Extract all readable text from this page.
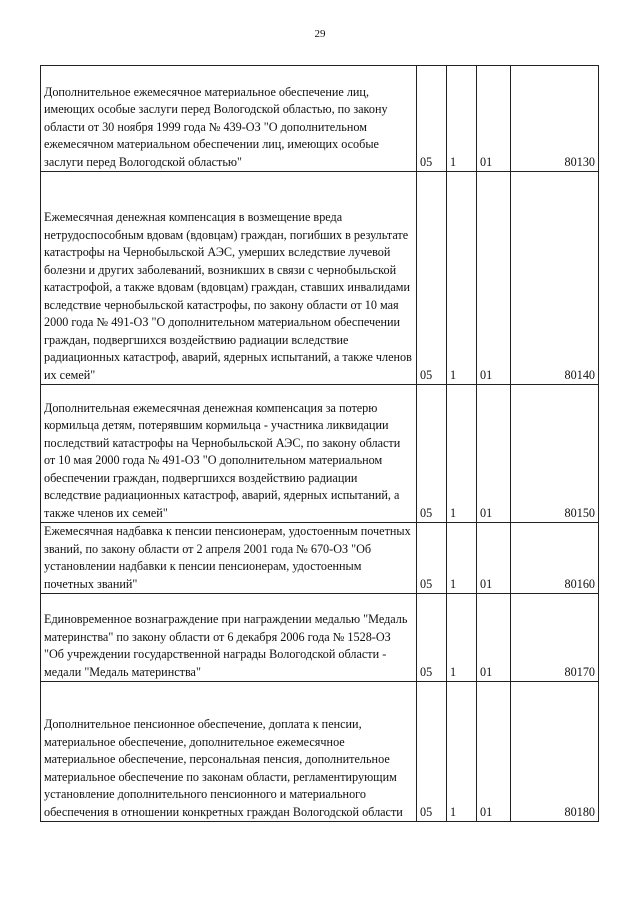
29
Дополнительное ежемесячное материальное обеспечение лиц, имеющих особые заслуги перед Вологодской областью, по закону области от 30 ноября 1999 года № 439-ОЗ "О дополнительном ежемесячном материальном обеспечении лиц, имеющих особые заслуги перед Вологодской областью"	05	1	01	80130

Ежемесячная денежная компенсация в возмещение вреда нетрудоспособным вдовам (вдовцам) граждан, погибших в результате катастрофы на Чернобыльской АЭС, умерших вследствие лучевой болезни и других заболеваний, возникших в связи с чернобыльской катастрофой, а также вдовам (вдовцам) граждан, ставших инвалидами вследствие чернобыльской катастрофы, по закону области от 10 мая 2000 года № 491-ОЗ "О дополнительном материальном обеспечении граждан, подвергшихся воздействию радиации вследствие радиационных катастроф, аварий, ядерных испытаний, а также членов их семей"	05	1	01	80140

Дополнительная ежемесячная денежная компенсация за потерю кормильца детям, потерявшим кормильца - участника ликвидации последствий катастрофы на Чернобыльской АЭС, по закону области от 10 мая 2000 года № 491-ОЗ "О дополнительном материальном обеспечении граждан, подвергшихся воздействию радиации вследствие радиационных катастроф, аварий, ядерных испытаний, а также членов их семей"	05	1	01	80150

Ежемесячная надбавка к пенсии пенсионерам, удостоенным почетных званий, по закону области от 2 апреля 2001 года № 670-ОЗ "Об установлении надбавки к пенсии пенсионерам, удостоенным почетных званий"	05	1	01	80160

Единовременное вознаграждение при награждении медалью "Медаль материнства" по закону области от 6 декабря 2006 года № 1528-ОЗ "Об учреждении государственной награды Вологодской области - медали "Медаль материнства"	05	1	01	80170

Дополнительное пенсионное обеспечение, доплата к пенсии, материальное обеспечение, дополнительное ежемесячное материальное обеспечение, персональная пенсия, дополнительное материальное обеспечение по законам области, регламентирующим установление дополнительного пенсионного и материального обеспечения в отношении конкретных граждан Вологодской области	05	1	01	80180
